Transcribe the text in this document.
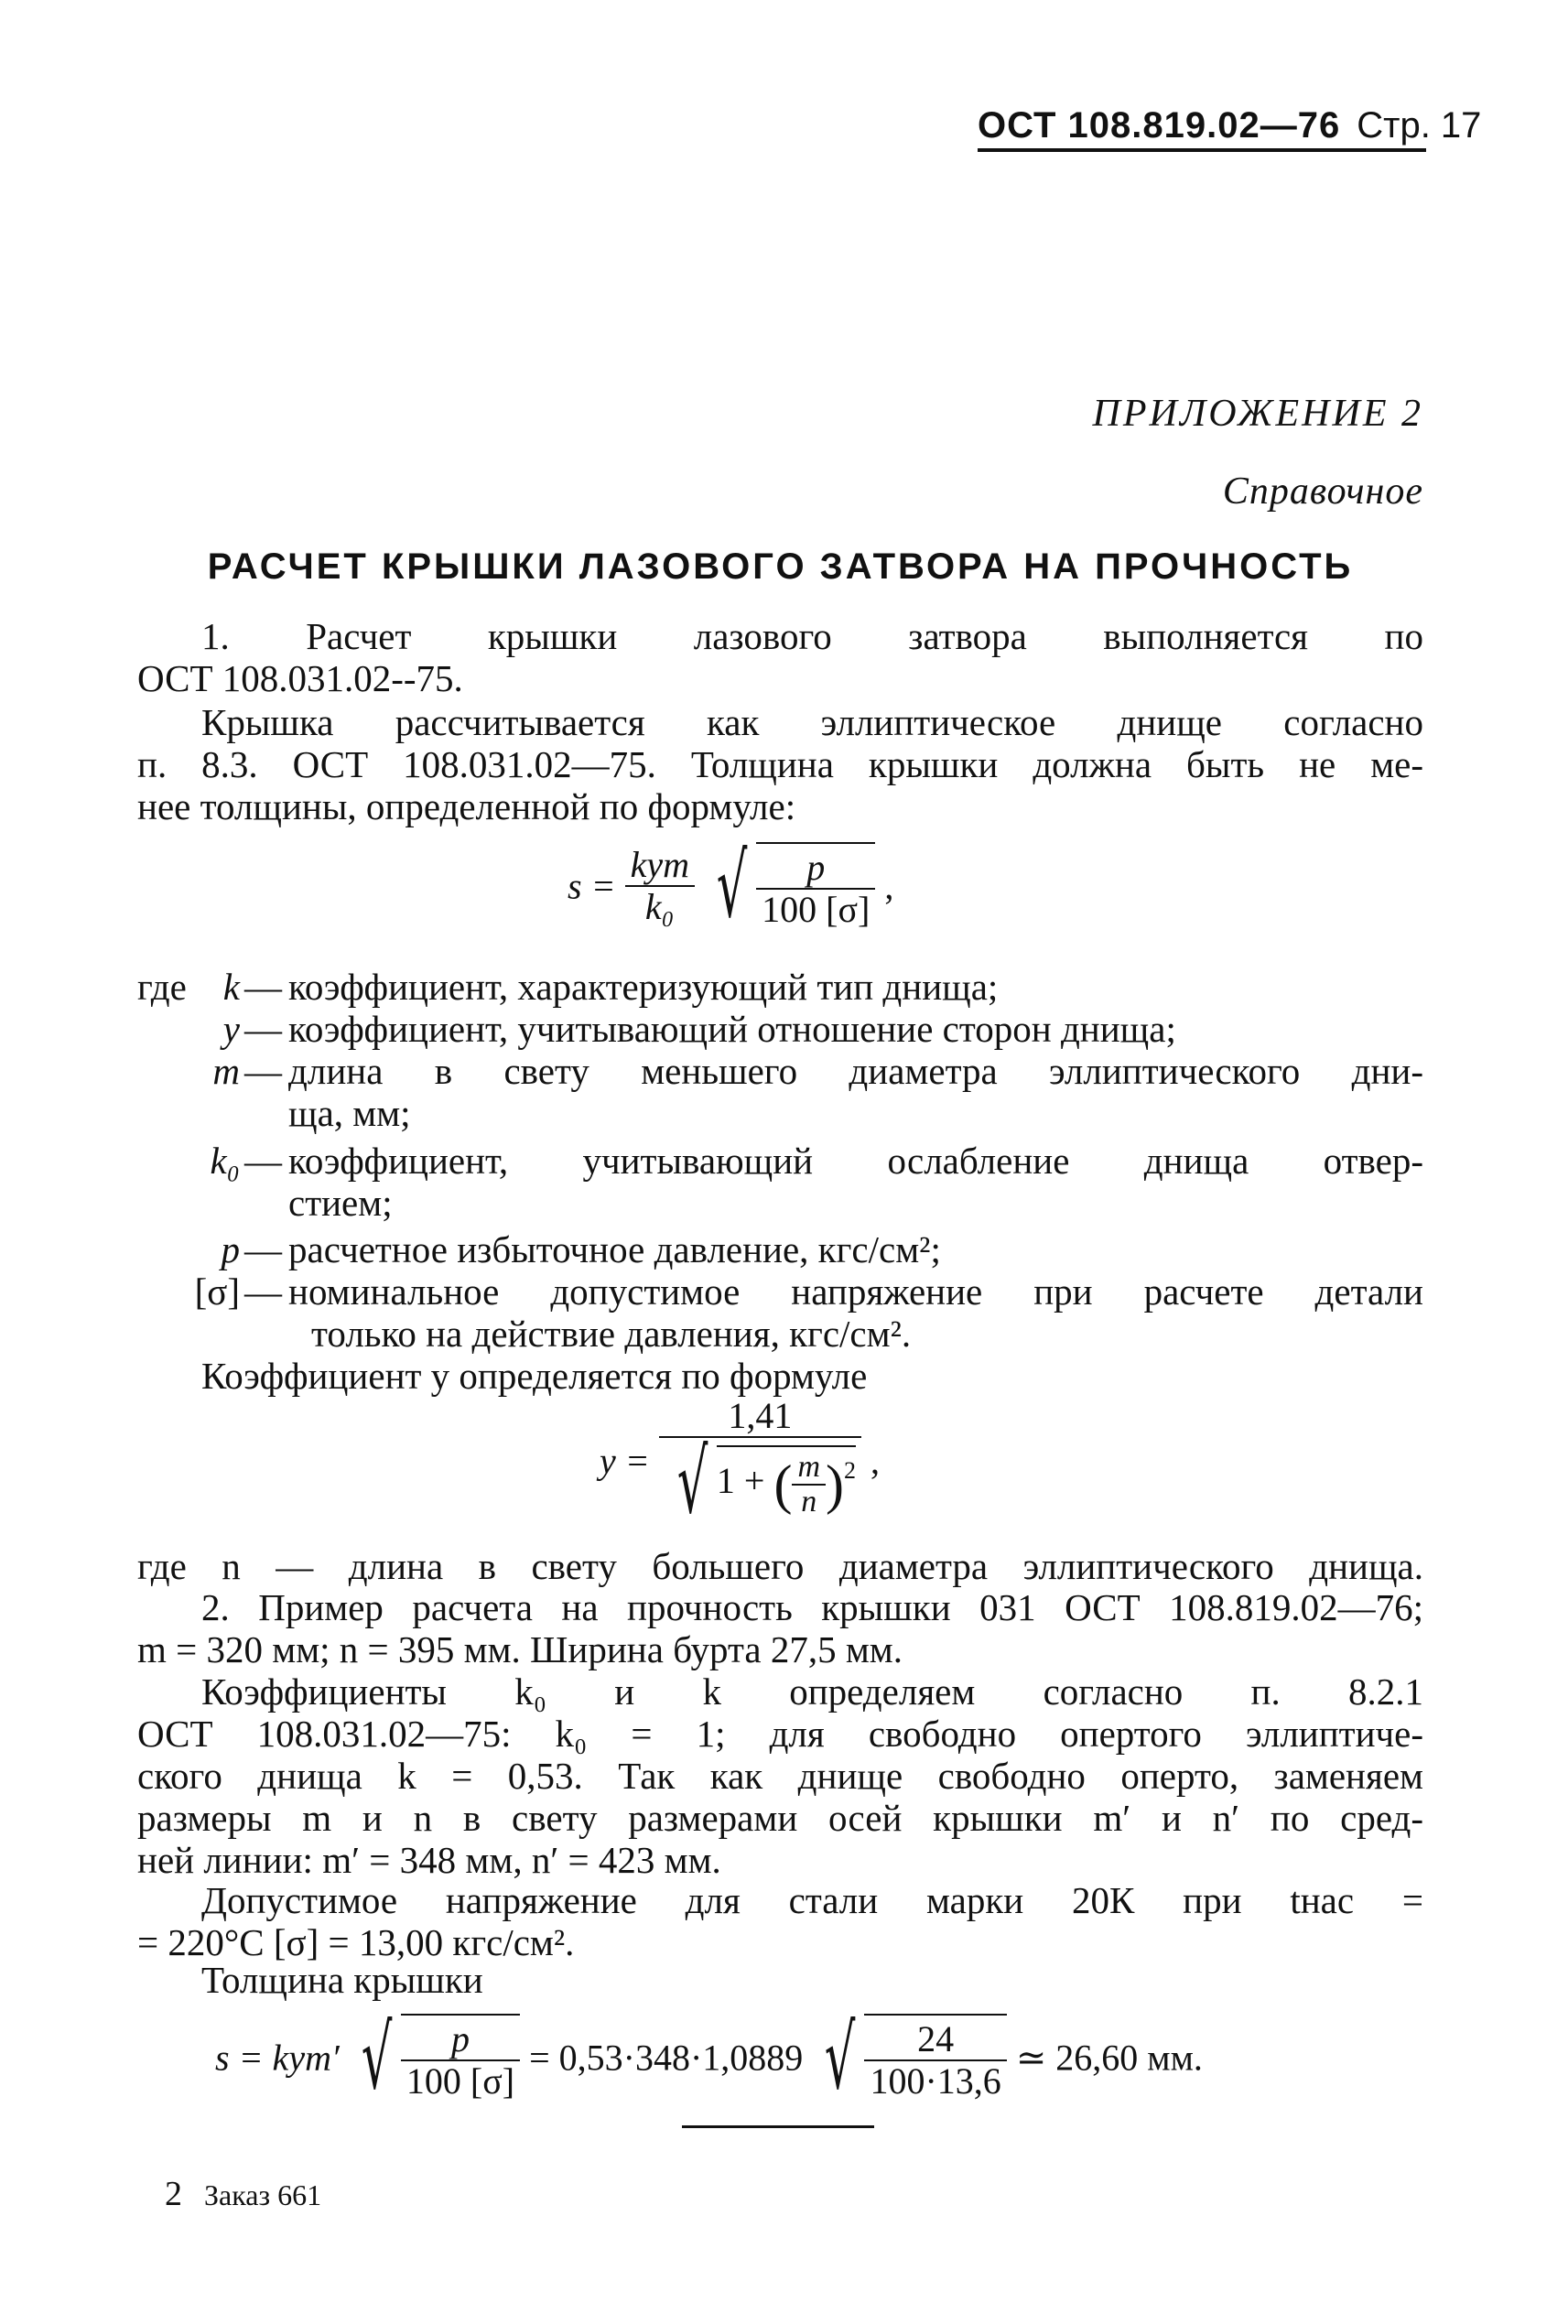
ОСТ 108.819.02—76 Стр. 17
ПРИЛОЖЕНИЕ 2
Справочное
РАСЧЕТ КРЫШКИ ЛАЗОВОГО ЗАТВОРА НА ПРОЧНОСТЬ
1. Расчет крышки лазового затвора выполняется по
ОСТ 108.031.02--75.
Крышка рассчитывается как эллиптическое днище согласно
п. 8.3. ОСТ 108.031.02—75. Толщина крышки должна быть не ме-
нее толщины, определенной по формуле:
$s = \frac{\text{kym}}{\text{k₀}}$ √ $\frac{p}{100 [\sigma]}$ ,
где k — коэффициент, характеризующий тип днища;
y — коэффициент, учитывающий отношение сторон днища;
m — длина в свету меньшего диаметра эллиптического дни-
ща, мм;
k₀ — коэффициент, учитывающий ослабление днища отвер-
стием;
p — расчетное избыточное давление, кгс/см²;
[σ] — номинальное допустимое напряжение при расчете детали
только на действие давления, кгс/см².
Коэффициент y определяется по формуле
$y = \frac{1,41}{√ 1 + ( \frac{m}{n} )^2}$ ,
где n — длина в свету большего диаметра эллиптического днища.
2. Пример расчета на прочность крышки 031 ОСТ 108.819.02—76;
m = 320 мм; n = 395 мм. Ширина бурта 27,5 мм.
Коэффициенты k₀ и k определяем согласно п. 8.2.1
ОСТ 108.031.02—75: k₀ = 1; для свободно опертого эллиптиче-
ского днища k = 0,53. Так как днище свободно оперто, заменяем
размеры m и n в свету размерами осей крышки m′ и n′ по сред-
ней линии: m′ = 348 мм, n′ = 423 мм.
Допустимое напряжение для стали марки 20К при tнас =
= 220°C [σ] = 13,00 кгс/см².
Толщина крышки
s = kym′ √ $\frac{p}{100 [\sigma]} = 0,53\cdot 348\cdot 1,0889$ √ $\frac{24}{100\cdot 13,6}$ ≃ 26,60 мм.
2 Заказ 661
